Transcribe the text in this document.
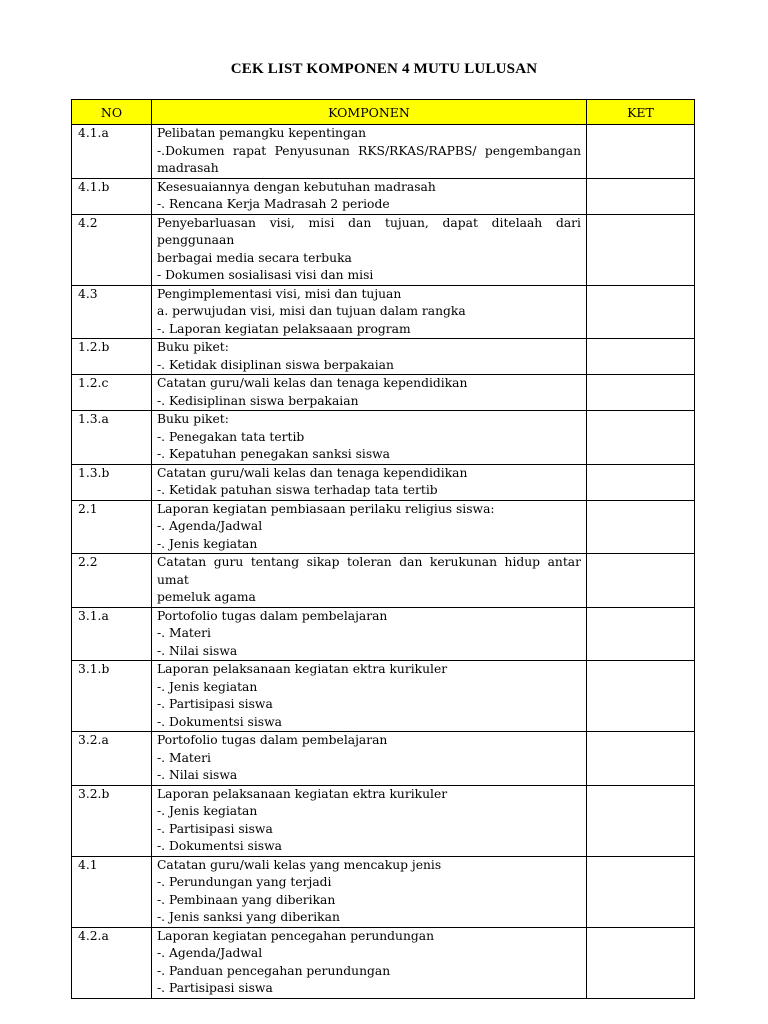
CEK LIST KOMPONEN 4 MUTU LULUSAN
NO	KOMPONEN	KET
4.1.a	Pelibatan pemangku kepentingan
-.Dokumen rapat Penyusunan RKS/RKAS/RAPBS/ pengembangan
madrasah	

4.1.b	Kesesuaiannya dengan kebutuhan madrasah
-. Rencana Kerja Madrasah 2 periode	

4.2	Penyebarluasan visi, misi dan tujuan, dapat ditelaah dari penggunaan
berbagai media secara terbuka
- Dokumen sosialisasi visi dan misi	

4.3	Pengimplementasi visi, misi dan tujuan
a. perwujudan visi, misi dan tujuan dalam rangka
-. Laporan kegiatan pelaksaaan program	

1.2.b	Buku piket:
-. Ketidak disiplinan siswa berpakaian	

1.2.c	Catatan guru/wali kelas dan tenaga kependidikan
-. Kedisiplinan siswa berpakaian	

1.3.a	Buku piket:
-. Penegakan tata tertib
-. Kepatuhan penegakan sanksi siswa	

1.3.b	Catatan guru/wali kelas dan tenaga kependidikan
-. Ketidak patuhan siswa terhadap tata tertib	

2.1	Laporan kegiatan pembiasaan perilaku religius siswa:
-. Agenda/Jadwal
-. Jenis kegiatan	

2.2	Catatan guru tentang sikap toleran dan kerukunan hidup antar umat
pemeluk agama	

3.1.a	Portofolio tugas dalam pembelajaran
-. Materi
-. Nilai siswa	

3.1.b	Laporan pelaksanaan kegiatan ektra kurikuler
-. Jenis kegiatan
-. Partisipasi siswa
-. Dokumentsi siswa	

3.2.a	Portofolio tugas dalam pembelajaran
-. Materi
-. Nilai siswa	

3.2.b	Laporan pelaksanaan kegiatan ektra kurikuler
-. Jenis kegiatan
-. Partisipasi siswa
-. Dokumentsi siswa	

4.1	Catatan guru/wali kelas yang mencakup jenis
-. Perundungan yang terjadi
-. Pembinaan yang diberikan
-. Jenis sanksi yang diberikan	

4.2.a	Laporan kegiatan pencegahan perundungan
-. Agenda/Jadwal
-. Panduan pencegahan perundungan
-. Partisipasi siswa	
